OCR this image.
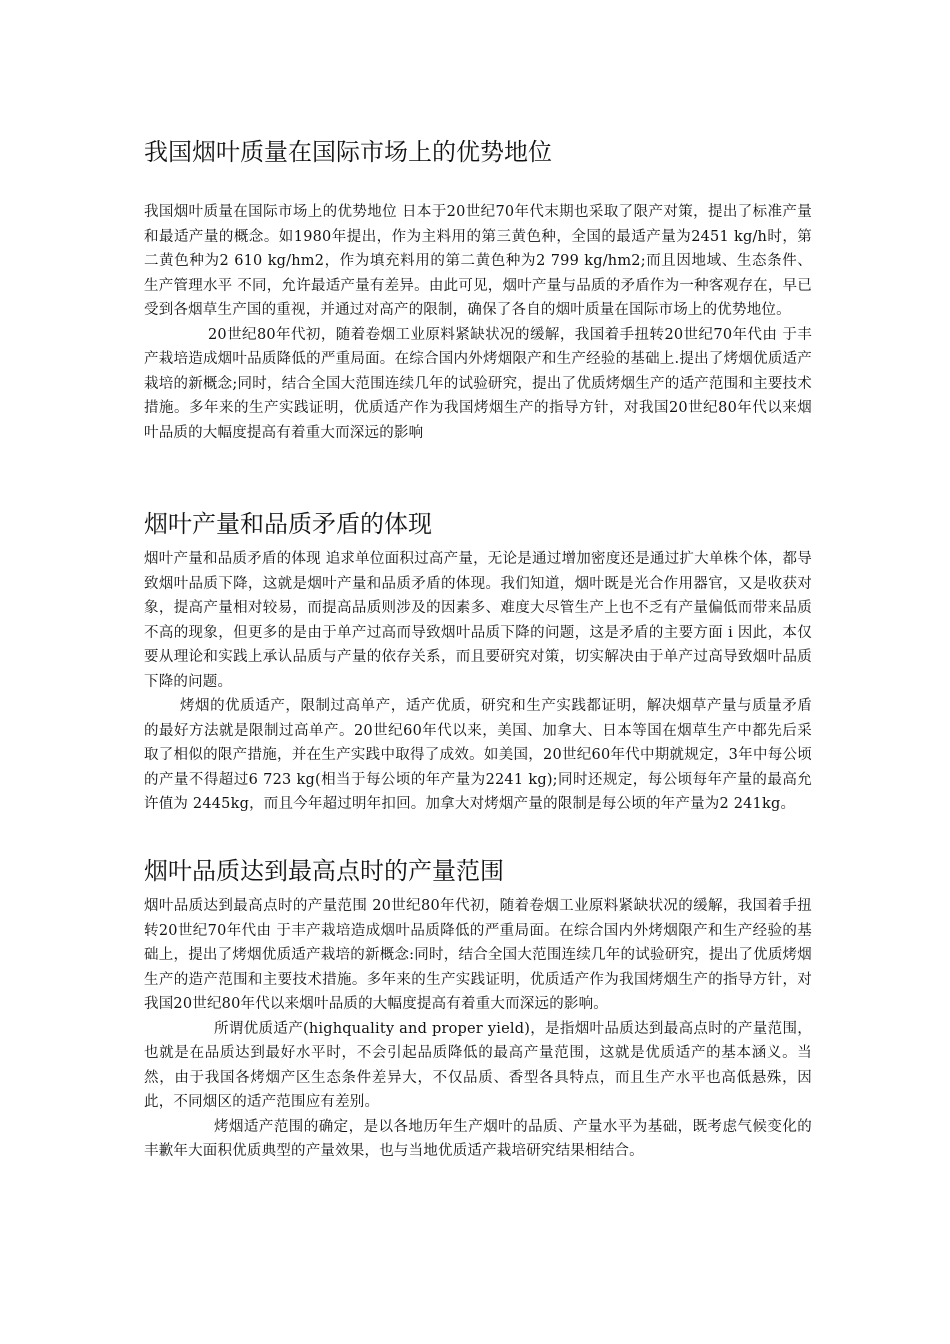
我国烟叶质量在国际市场上的优势地位

我国烟叶质量在国际市场上的优势地位 日本于20世纪70年代末期也采取了限产对策，提出了标准产量和最适产量的概念。如1980年提出，作为主料用的第三黄色种，全国的最适产量为2451 kg/h时，第二黄色种为2 610 kg/hm2，作为填充料用的第二黄色种为2 799 kg/hm2;而且因地域、生态条件、生产管理水平 不同，允许最适产量有差异。由此可见，烟叶产量与品质的矛盾作为一种客观存在，早已受到各烟草生产国的重视，并通过对高产的限制，确保了各自的烟叶质量在国际市场上的优势地位。

20世纪80年代初，随着卷烟工业原料紧缺状况的缓解，我国着手扭转20世纪70年代由 于丰产栽培造成烟叶品质降低的严重局面。在综合国内外烤烟限产和生产经验的基础上.提出了烤烟优质适产栽培的新概念;同时，结合全国大范围连续几年的试验研究，提出了优质烤烟生产的适产范围和主要技术措施。多年来的生产实践证明，优质适产作为我国烤烟生产的指导方针，对我国20世纪80年代以来烟叶品质的大幅度提高有着重大而深远的影响

烟叶产量和品质矛盾的体现

烟叶产量和品质矛盾的体现 追求单位面积过高产量，无论是通过增加密度还是通过扩大单株个体，都导致烟叶品质下降，这就是烟叶产量和品质矛盾的体现。我们知道，烟叶既是光合作用器官，又是收获对象，提高产量相对较易，而提高品质则涉及的因素多、难度大尽管生产上也不乏有产量偏低而带来品质不高的现象，但更多的是由于单产过高而导致烟叶品质下降的问题，这是矛盾的主要方面 i 因此，本仅要从理论和实践上承认品质与产量的依存关系，而且要研究对策，切实解决由于单产过高导致烟叶品质下降的问题。

烤烟的优质适产，限制过高单产，适产优质，研究和生产实践都证明，解决烟草产量与质量矛盾的最好方法就是限制过高单产。20世纪60年代以来，美国、加拿大、日本等国在烟草生产中都先后采取了相似的限产措施，并在生产实践中取得了成效。如美国，20世纪60年代中期就规定，3年中每公顷的产量不得超过6 723 kg(相当于每公顷的年产量为2241 kg);同时还规定，每公顷每年产量的最高允许值为 2445kg，而且今年超过明年扣回。加拿大对烤烟产量的限制是每公顷的年产量为2 241kg。

烟叶品质达到最高点时的产量范围

烟叶品质达到最高点时的产量范围 20世纪80年代初，随着卷烟工业原料紧缺状况的缓解，我国着手扭转20世纪70年代由 于丰产栽培造成烟叶品质降低的严重局面。在综合国内外烤烟限产和生产经验的基础上，提出了烤烟优质适产栽培的新概念:同时，结合全国大范围连续几年的试验研究，提出了优质烤烟生产的造产范围和主要技术措施。多年来的生产实践证明，优质适产作为我国烤烟生产的指导方针，对我国20世纪80年代以来烟叶品质的大幅度提高有着重大而深远的影响。

所谓优质适产(highquality and proper yield)，是指烟叶品质达到最高点时的产量范围， 也就是在品质达到最好水平时，不会引起品质降低的最高产量范围，这就是优质适产的基本涵义。当然，由于我国各烤烟产区生态条件差异大，不仅品质、香型各具特点，而且生产水平也高低悬殊，因此，不同烟区的适产范围应有差别。

烤烟适产范围的确定，是以各地历年生产烟叶的品质、产量水平为基础，既考虑气候变化的丰歉年大面积优质典型的产量效果，也与当地优质适产栽培研究结果相结合。
